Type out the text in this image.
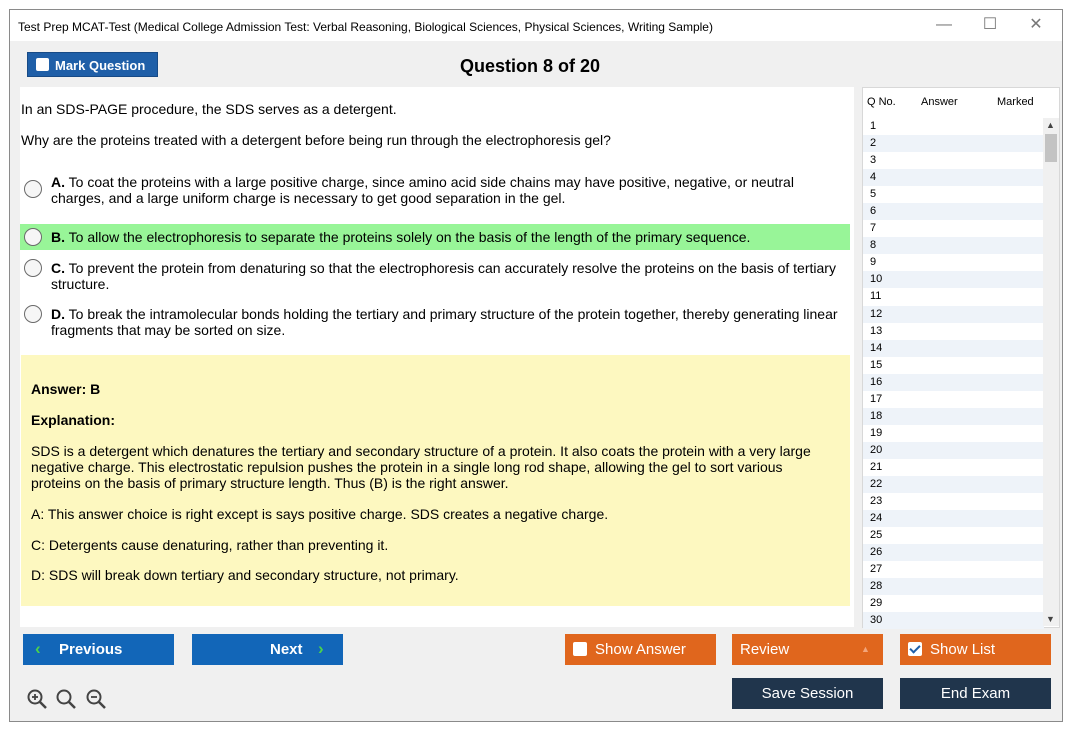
Test Prep MCAT-Test (Medical College Admission Test: Verbal Reasoning, Biological Sciences, Physical Sciences, Writing Sample)	—	☐	✕
Mark Question	Question 8 of 20
In an SDS-PAGE procedure, the SDS serves as a detergent.
Why are the proteins treated with a detergent before being run through the electrophoresis gel?
A. To coat the proteins with a large positive charge, since amino acid side chains may have positive, negative, or neutral charges, and a large uniform charge is necessary to get good separation in the gel.
B. To allow the electrophoresis to separate the proteins solely on the basis of the length of the primary sequence.
C. To prevent the protein from denaturing so that the electrophoresis can accurately resolve the proteins on the basis of tertiary structure.
D. To break the intramolecular bonds holding the tertiary and primary structure of the protein together, thereby generating linear fragments that may be sorted on size.
Answer: B
Explanation:
SDS is a detergent which denatures the tertiary and secondary structure of a protein. It also coats the protein with a very large negative charge. This electrostatic repulsion pushes the protein in a single long rod shape, allowing the gel to sort various proteins on the basis of primary structure length. Thus (B) is the right answer.
A: This answer choice is right except is says positive charge. SDS creates a negative charge.
C: Detergents cause denaturing, rather than preventing it.
D: SDS will break down tertiary and secondary structure, not primary.
Q No. Answer	Marked
1
2
3
4
5
6
7
8
9
10
11
12
13
14
15
16
17
18
19
20
21
22
23
24
25
26
27
28
29
30
▲
▼
‹ Previous	Next ›	Show Answer	Review	▲	Show List
Save Session	End Exam
